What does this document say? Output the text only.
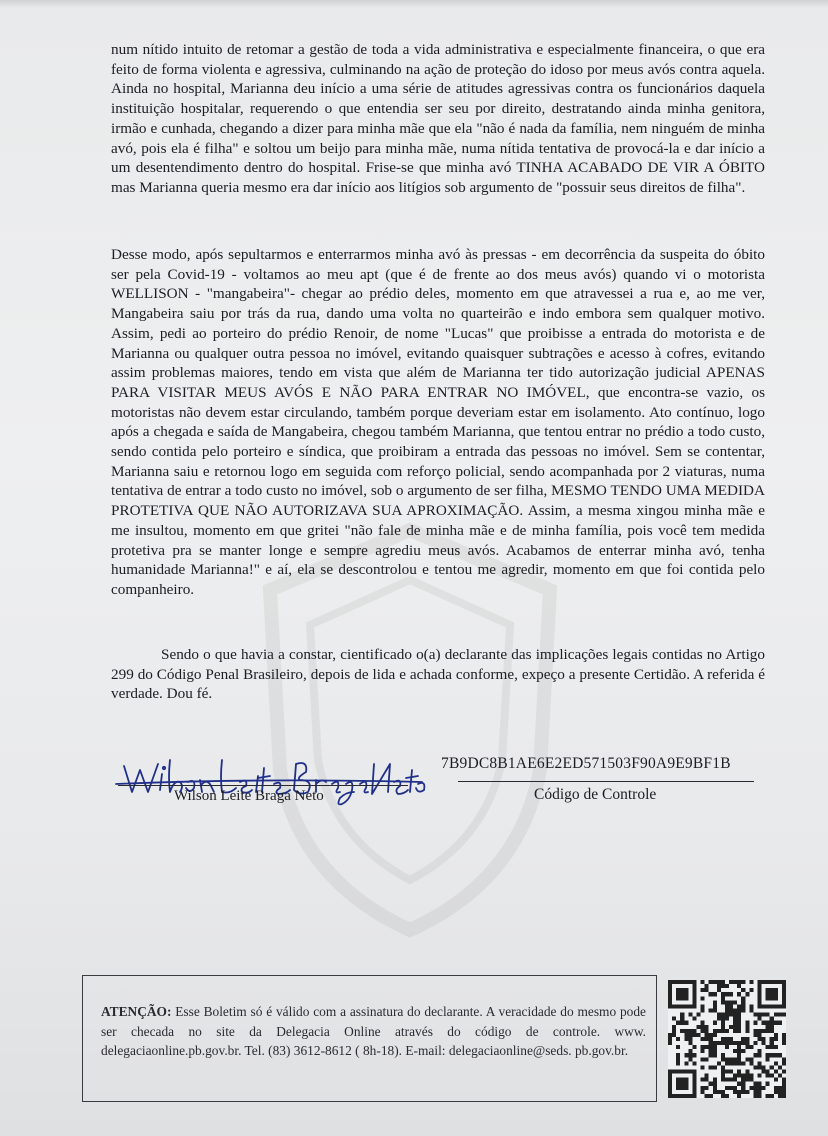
num nítido intuito de retomar a gestão de toda a vida administrativa e especialmente financeira, o que era feito de forma violenta e agressiva, culminando na ação de proteção do idoso por meus avós contra aquela. Ainda no hospital, Marianna deu início a uma série de atitudes agressivas contra os funcionários daquela instituição hospitalar, requerendo o que entendia ser seu por direito, destratando ainda minha genitora, irmão e cunhada, chegando a dizer para minha mãe que ela "não é nada da família, nem ninguém de minha avó, pois ela é filha" e soltou um beijo para minha mãe, numa nítida tentativa de provocá-la e dar início a um desentendimento dentro do hospital. Frise-se que minha avó TINHA ACABADO DE VIR A ÓBITO mas Marianna queria mesmo era dar início aos litígios sob argumento de "possuir seus direitos de filha".

Desse modo, após sepultarmos e enterrarmos minha avó às pressas - em decorrência da suspeita do óbito ser pela Covid-19 - voltamos ao meu apt (que é de frente ao dos meus avós) quando vi o motorista WELLISON - "mangabeira"- chegar ao prédio deles, momento em que atravessei a rua e, ao me ver, Mangabeira saiu por trás da rua, dando uma volta no quarteirão e indo embora sem qualquer motivo. Assim, pedi ao porteiro do prédio Renoir, de nome "Lucas" que proibisse a entrada do motorista e de Marianna ou qualquer outra pessoa no imóvel, evitando quaisquer subtrações e acesso à cofres, evitando assim problemas maiores, tendo em vista que além de Marianna ter tido autorização judicial APENAS PARA VISITAR MEUS AVÓS E NÃO PARA ENTRAR NO IMÓVEL, que encontra-se vazio, os motoristas não devem estar circulando, também porque deveriam estar em isolamento. Ato contínuo, logo após a chegada e saída de Mangabeira, chegou também Marianna, que tentou entrar no prédio a todo custo, sendo contida pelo porteiro e síndica, que proibiram a entrada das pessoas no imóvel. Sem se contentar, Marianna saiu e retornou logo em seguida com reforço policial, sendo acompanhada por 2 viaturas, numa tentativa de entrar a todo custo no imóvel, sob o argumento de ser filha, MESMO TENDO UMA MEDIDA PROTETIVA QUE NÃO AUTORIZAVA SUA APROXIMAÇÃO. Assim, a mesma xingou minha mãe e me insultou, momento em que gritei "não fale de minha mãe e de minha família, pois você tem medida protetiva pra se manter longe e sempre agrediu meus avós. Acabamos de enterrar minha avó, tenha humanidade Marianna!" e aí, ela se descontrolou e tentou me agredir, momento em que foi contida pelo companheiro.

Sendo o que havia a constar, cientificado o(a) declarante das implicações legais contidas no Artigo 299 do Código Penal Brasileiro, depois de lida e achada conforme, expeço a presente Certidão. A referida é verdade. Dou fé.

Wilson Leite Braga Neto
7B9DC8B1AE6E2ED571503F90A9E9BF1B
Código de Controle

ATENÇÃO: Esse Boletim só é válido com a assinatura do declarante. A veracidade do mesmo pode ser checada no site da Delegacia Online através do código de controle. www. delegaciaonline.pb.gov.br. Tel. (83) 3612-8612 ( 8h-18). E-mail: delegaciaonline@seds. pb.gov.br.
